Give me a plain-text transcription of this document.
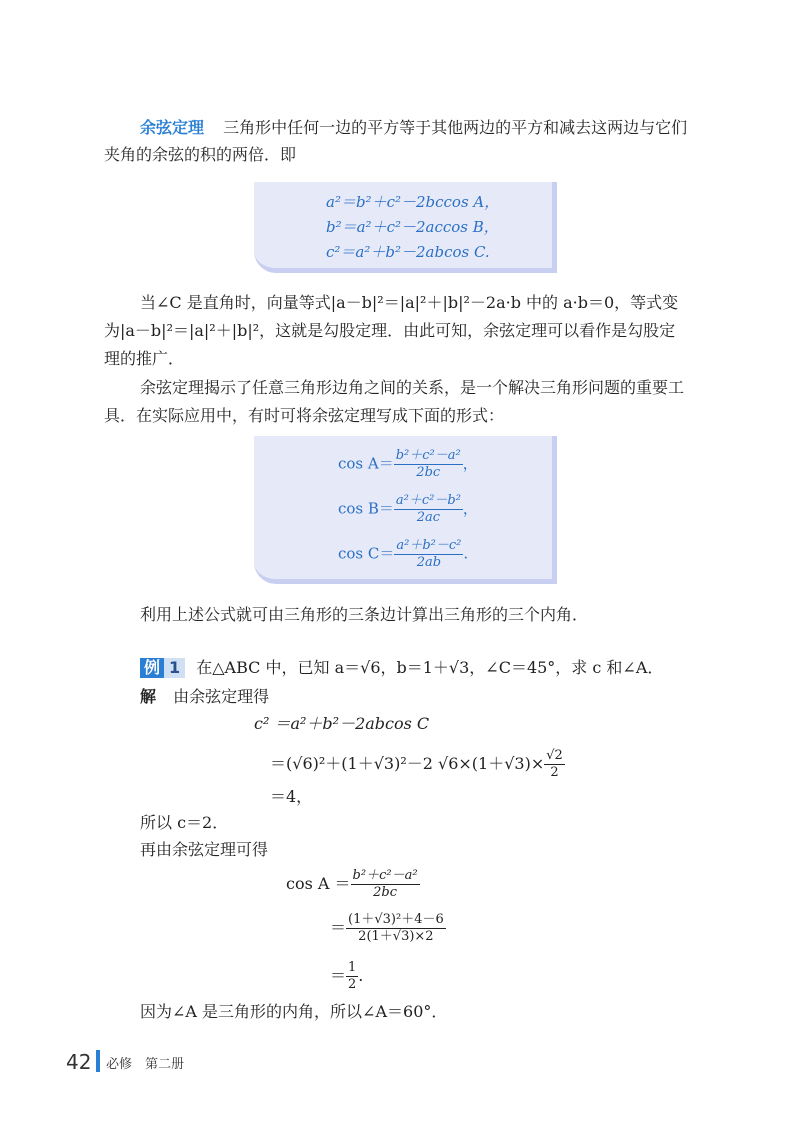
余弦定理 三角形中任何一边的平方等于其他两边的平方和减去这两边与它们
夹角的余弦的积的两倍．即
a²＝b²＋c²－2bccos A，
b²＝a²＋c²－2accos B，
c²＝a²＋b²－2abcos C.
当∠C 是直角时，向量等式|a－b|²＝|a|²＋|b|²－2a·b 中的 a·b＝0，等式变
为|a－b|²＝|a|²＋|b|²，这就是勾股定理．由此可知，余弦定理可以看作是勾股定
理的推广．
余弦定理揭示了任意三角形边角之间的关系，是一个解决三角形问题的重要工
具．在实际应用中，有时可将余弦定理写成下面的形式：
$\cos A= \frac{\text{b²＋c²－a²}}{2bc}$ ，
$\cos B= \frac{\text{a²＋c²－b²}}{2ac}$ ，
$\cos C= \frac{\text{a²＋b²－c²}}{2ab}$ .
利用上述公式就可由三角形的三条边计算出三角形的三个内角．
例 1 在△ABC 中，已知 a＝√6，b＝1＋√3，∠C＝45°，求 c 和∠A．
解 由余弦定理得
c² ＝a²＋b²－2abcos C
＝(√6)²＋(1＋√3)²－2 $√6\times(1+√3)\times \frac{√2}{2}$
＝4，
所以 c＝2．
再由余弦定理可得
$\cos A = \frac{\text{b²＋c²－a²}}{2bc}$
＝ $\frac{\text{(1＋√3)²＋4－6}}{2(1+√3)\times 2}$
＝ $\frac{1}{2}$ .
因为∠A 是三角形的内角，所以∠A＝60°．
42 必修　第二册
